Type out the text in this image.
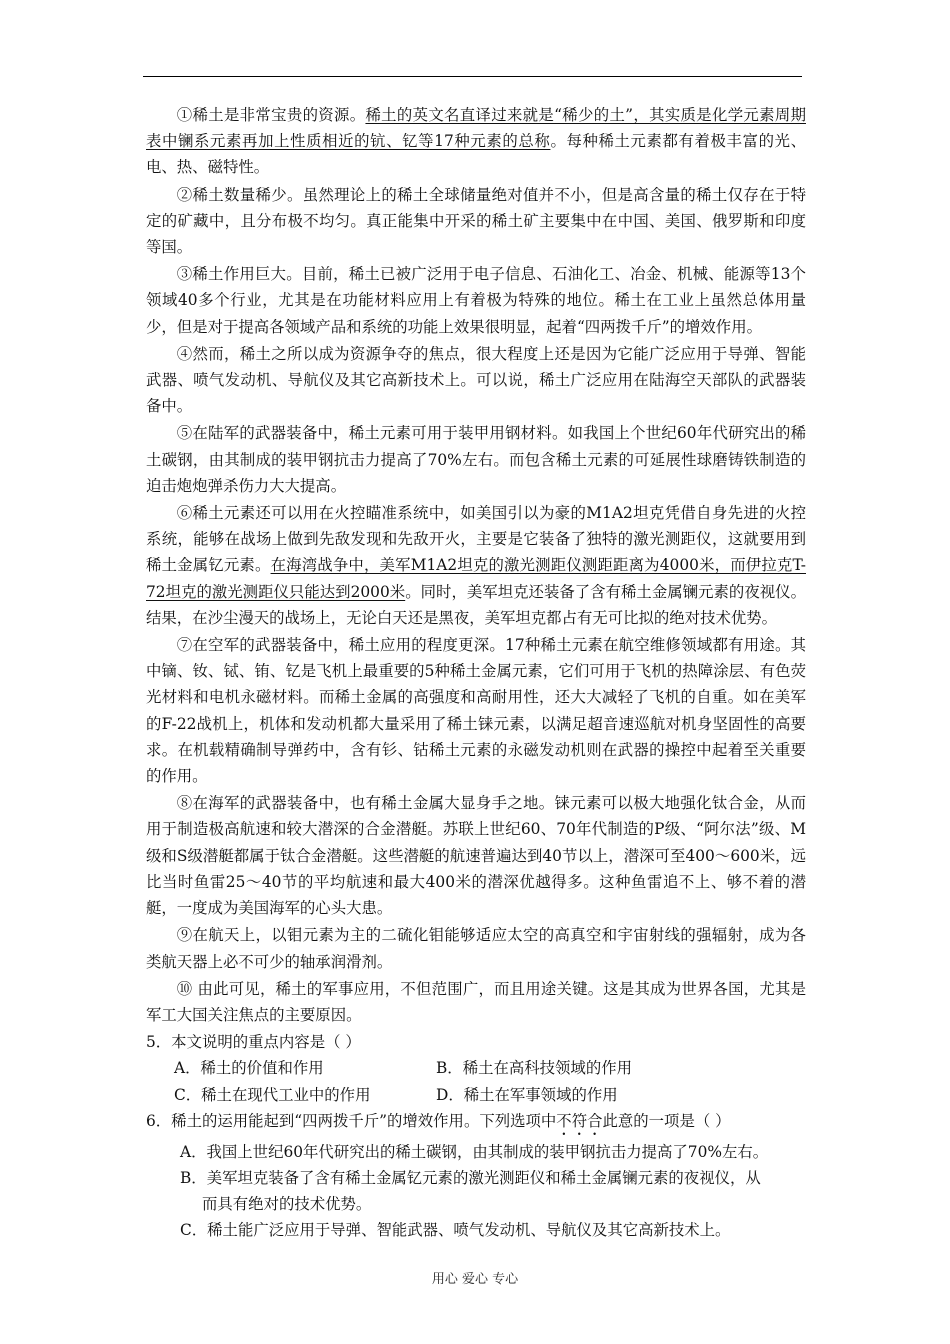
①稀土是非常宝贵的资源。稀土的英文名直译过来就是“稀少的土”，其实质是化学元素周期表中镧系元素再加上性质相近的钪、钇等17种元素的总称。每种稀土元素都有着极丰富的光、电、热、磁特性。

②稀土数量稀少。虽然理论上的稀土全球储量绝对值并不小，但是高含量的稀土仅存在于特定的矿藏中，且分布极不均匀。真正能集中开采的稀土矿主要集中在中国、美国、俄罗斯和印度等国。

③稀土作用巨大。目前，稀土已被广泛用于电子信息、石油化工、冶金、机械、能源等13个领域40多个行业，尤其是在功能材料应用上有着极为特殊的地位。稀土在工业上虽然总体用量少，但是对于提高各领域产品和系统的功能上效果很明显，起着“四两拨千斤”的增效作用。

④然而，稀土之所以成为资源争夺的焦点，很大程度上还是因为它能广泛应用于导弹、智能武器、喷气发动机、导航仪及其它高新技术上。可以说，稀土广泛应用在陆海空天部队的武器装备中。

⑤在陆军的武器装备中，稀土元素可用于装甲用钢材料。如我国上个世纪60年代研究出的稀土碳钢，由其制成的装甲钢抗击力提高了70%左右。而包含稀土元素的可延展性球磨铸铁制造的迫击炮炮弹杀伤力大大提高。

⑥稀土元素还可以用在火控瞄准系统中，如美国引以为豪的M1A2坦克凭借自身先进的火控系统，能够在战场上做到先敌发现和先敌开火，主要是它装备了独特的激光测距仪，这就要用到稀土金属钇元素。在海湾战争中，美军M1A2坦克的激光测距仪测距距离为4000米，而伊拉克T-72坦克的激光测距仪只能达到2000米。同时，美军坦克还装备了含有稀土金属镧元素的夜视仪。结果，在沙尘漫天的战场上，无论白天还是黑夜，美军坦克都占有无可比拟的绝对技术优势。

⑦在空军的武器装备中，稀土应用的程度更深。17种稀土元素在航空维修领域都有用途。其中镝、钕、铽、铕、钇是飞机上最重要的5种稀土金属元素，它们可用于飞机的热障涂层、有色荧光材料和电机永磁材料。而稀土金属的高强度和高耐用性，还大大减轻了飞机的自重。如在美军的F-22战机上，机体和发动机都大量采用了稀土铼元素，以满足超音速巡航对机身坚固性的高要求。在机载精确制导弹药中，含有钐、钴稀土元素的永磁发动机则在武器的操控中起着至关重要的作用。

⑧在海军的武器装备中，也有稀土金属大显身手之地。铼元素可以极大地强化钛合金，从而用于制造极高航速和较大潜深的合金潜艇。苏联上世纪60、70年代制造的P级、“阿尔法”级、M级和S级潜艇都属于钛合金潜艇。这些潜艇的航速普遍达到40节以上，潜深可至400～600米，远比当时鱼雷25～40节的平均航速和最大400米的潜深优越得多。这种鱼雷追不上、够不着的潜艇，一度成为美国海军的心头大患。

⑨在航天上，以钼元素为主的二硫化钼能够适应太空的高真空和宇宙射线的强辐射，成为各类航天器上必不可少的轴承润滑剂。

⑩ 由此可见，稀土的军事应用，不但范围广，而且用途关键。这是其成为世界各国，尤其是军工大国关注焦点的主要原因。

5．本文说明的重点内容是（ ）
A．稀土的价值和作用	B．稀土在高科技领域的作用
C．稀土在现代工业中的作用	D．稀土在军事领域的作用
6．稀土的运用能起到“四两拨千斤”的增效作用。下列选项中不符合此意的一项是（ ）
A．我国上世纪60年代研究出的稀土碳钢，由其制成的装甲钢抗击力提高了70%左右。
B．美军坦克装备了含有稀土金属钇元素的激光测距仪和稀土金属镧元素的夜视仪，从
而具有绝对的技术优势。
C．稀土能广泛应用于导弹、智能武器、喷气发动机、导航仪及其它高新技术上。
用心 爱心 专心
